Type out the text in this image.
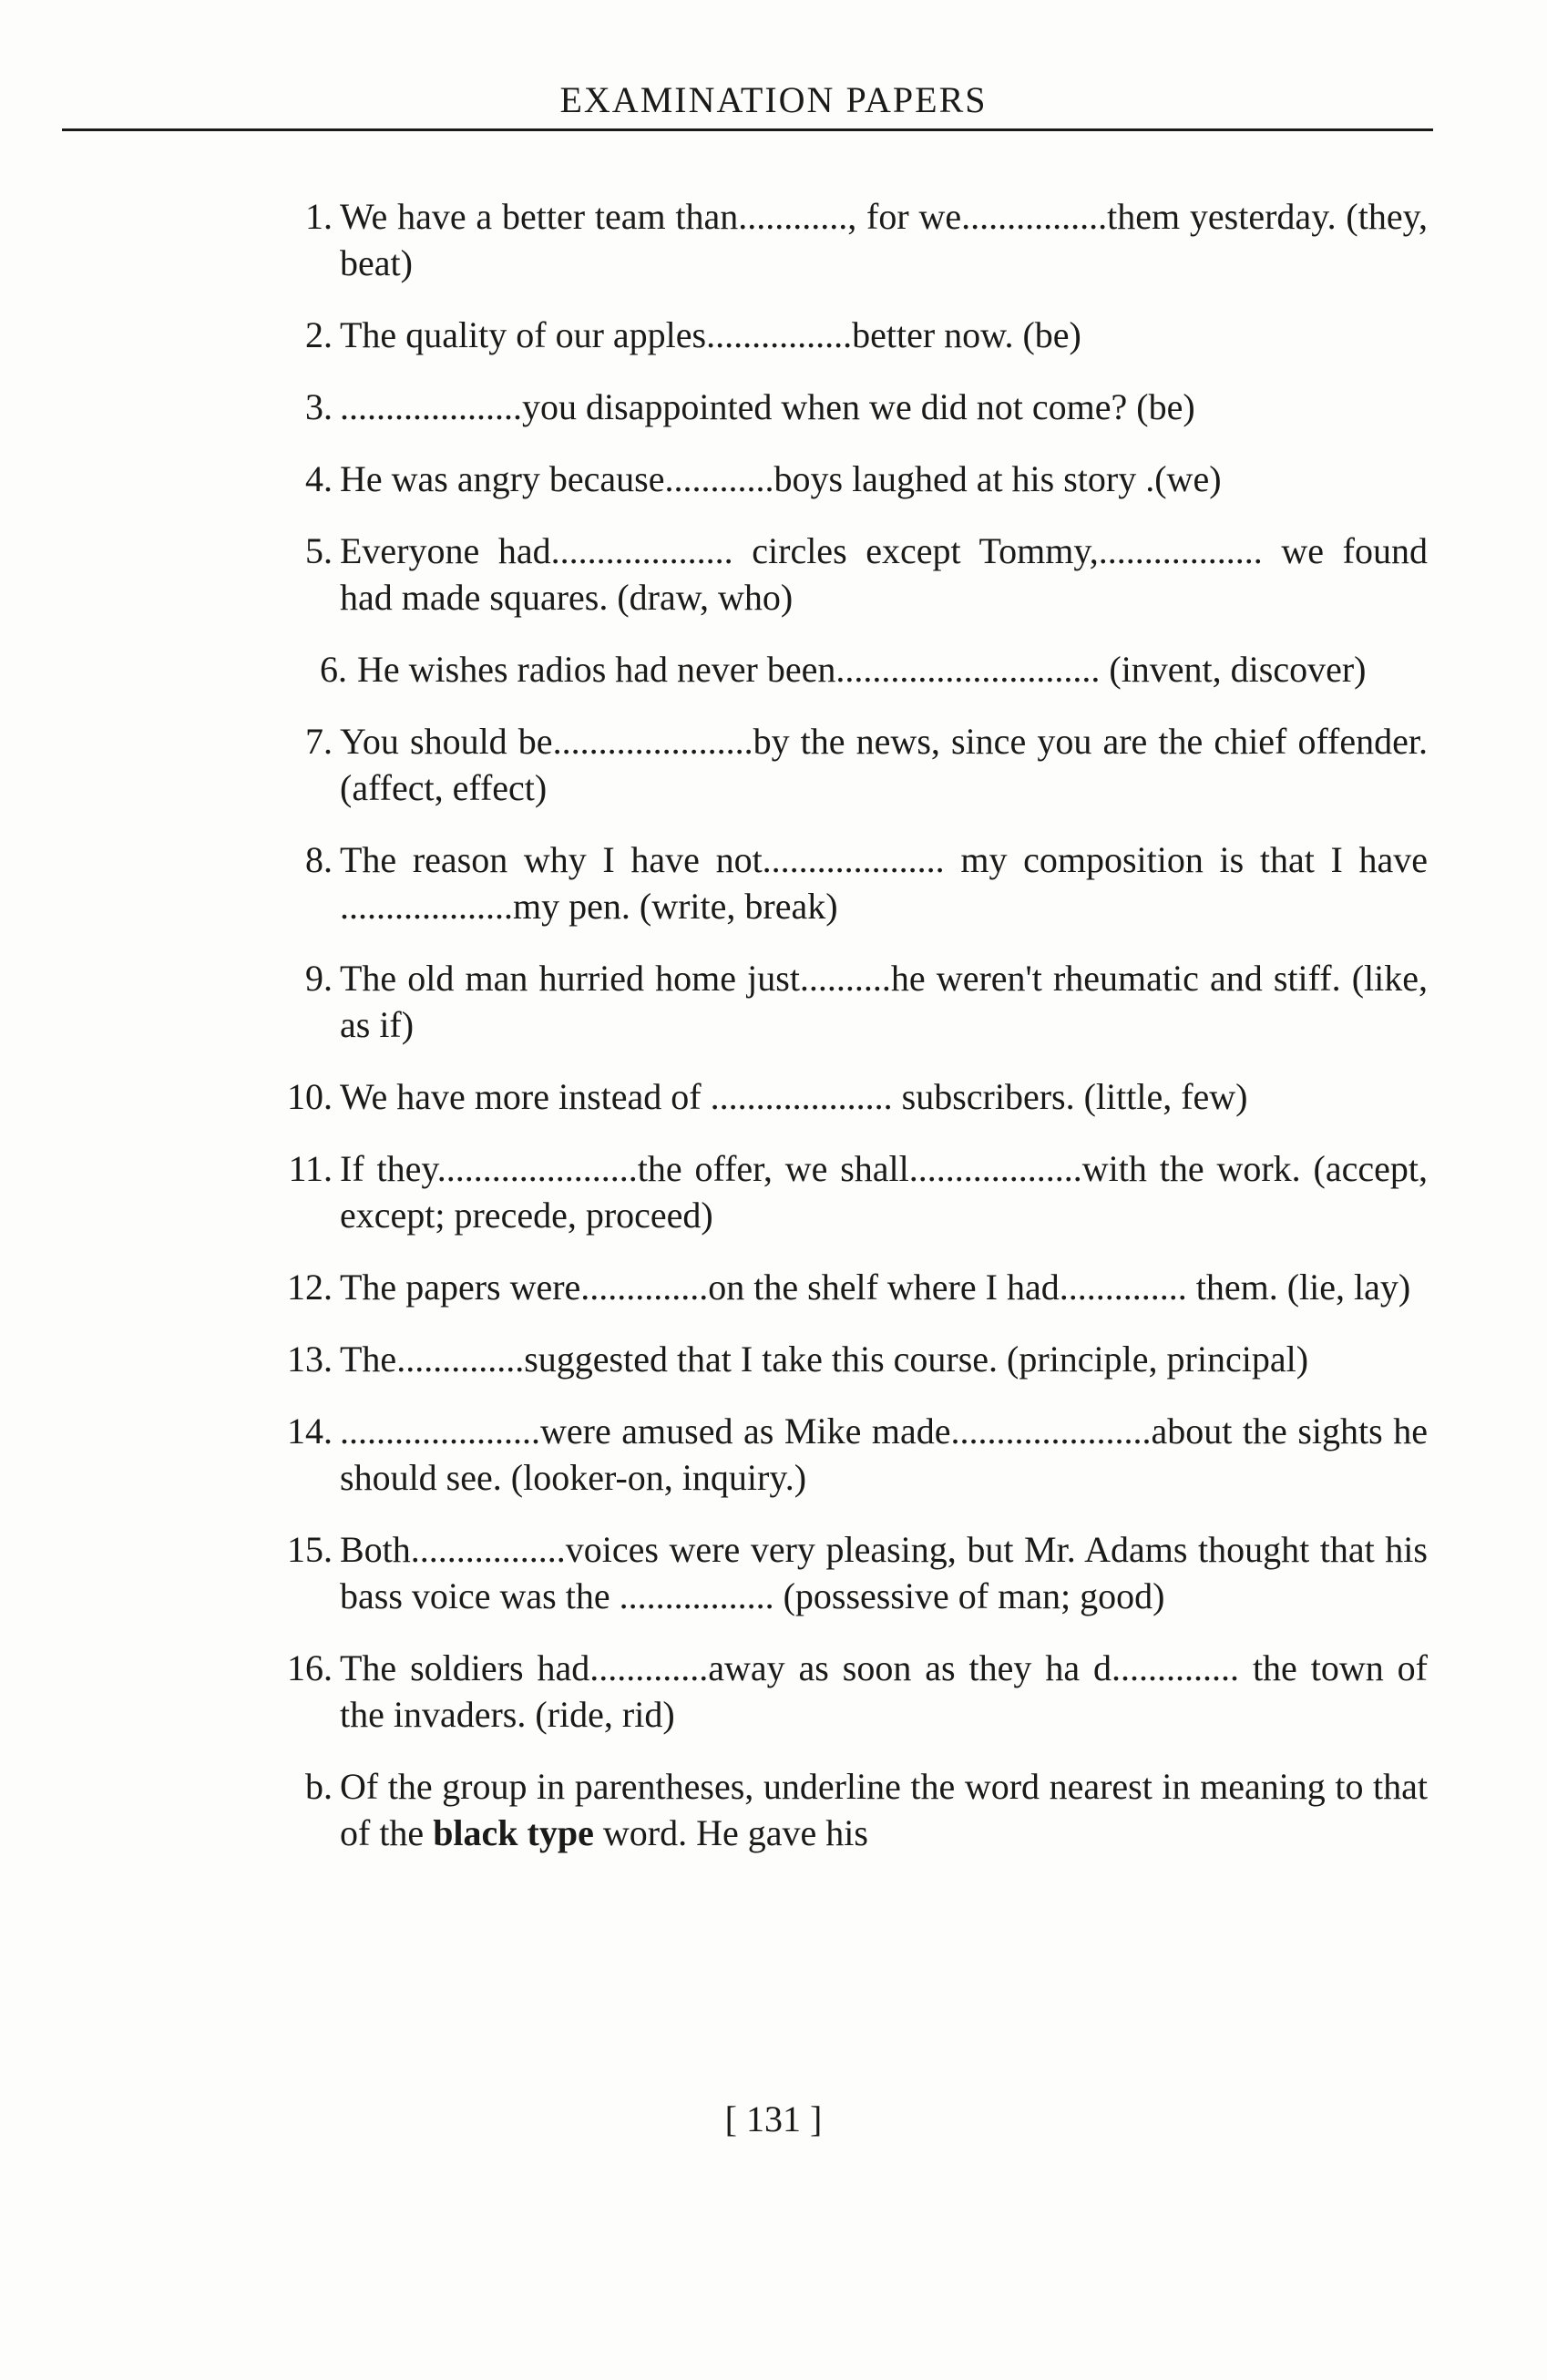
EXAMINATION PAPERS
1. We have a better team than............, for we................them yesterday. (they, beat)
2. The quality of our apples................better now. (be)
3. ....................you disappointed when we did not come? (be)
4. He was angry because............boys laughed at his story .(we)
5. Everyone had.................... circles except Tommy,.................. we found had made squares. (draw, who)
6. He wishes radios had never been............................. (invent, discover)
7. You should be......................by the news, since you are the chief offender. (affect, effect)
8. The reason why I have not.................... my composition is that I have ...................my pen. (write, break)
9. The old man hurried home just..........he weren't rheumatic and stiff. (like, as if)
10. We have more instead of .................... subscribers. (little, few)
11. If they......................the offer, we shall...................with the work. (accept, except; precede, proceed)
12. The papers were..............on the shelf where I had.............. them. (lie, lay)
13. The..............suggested that I take this course. (principle, principal)
14. ......................were amused as Mike made......................about the sights he should see. (looker-on, inquiry.)
15. Both.................voices were very pleasing, but Mr. Adams thought that his bass voice was the ................. (possessive of man; good)
16. The soldiers had.............away as soon as they ha d.............. the town of the invaders. (ride, rid)
b. Of the group in parentheses, underline the word nearest in meaning to that of the black type word. He gave his
[ 131 ]
